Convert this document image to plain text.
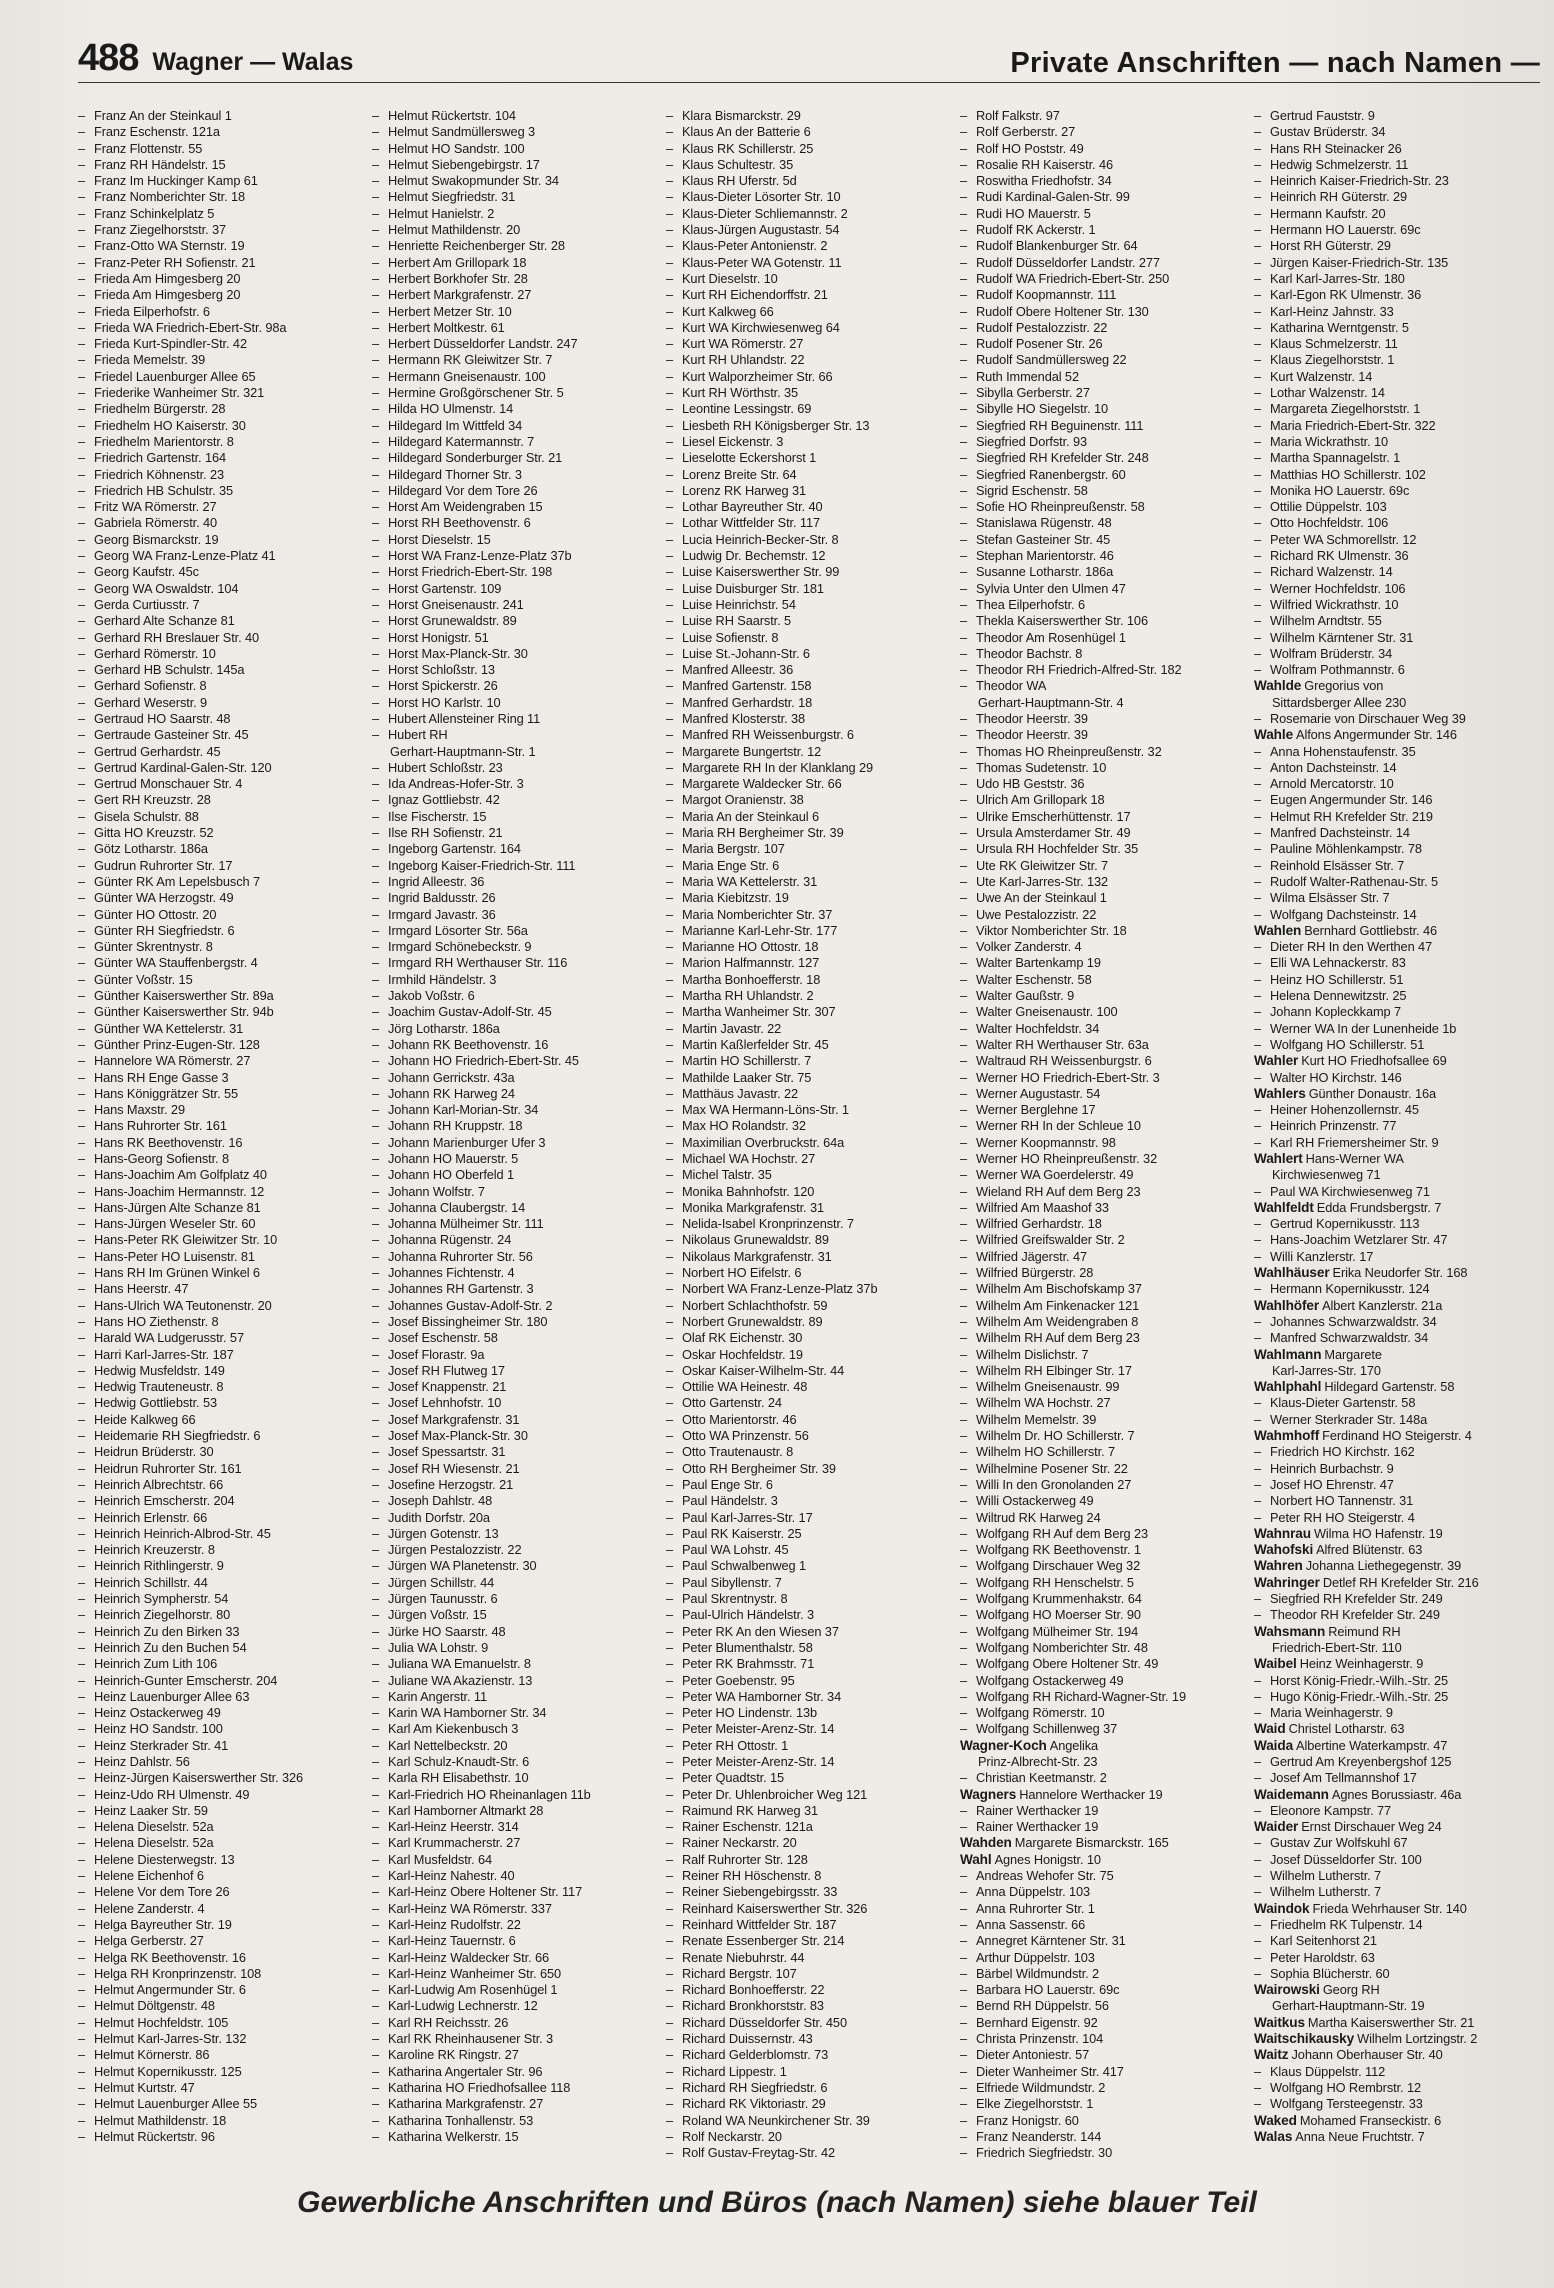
488 Wagner — Walas	Private Anschriften — nach Namen —
– Franz An der Steinkaul 1
– Franz Eschenstr. 121a
– Franz Flottenstr. 55
– Franz RH Händelstr. 15
– Franz Im Huckinger Kamp 61
– Franz Nomberichter Str. 18
– Franz Schinkelplatz 5
– Franz Ziegelhorststr. 37
– Franz-Otto WA Sternstr. 19
– Franz-Peter RH Sofienstr. 21
– Frieda Am Himgesberg 20
– Frieda Am Himgesberg 20
– Frieda Eilperhofstr. 6
– Frieda WA Friedrich-Ebert-Str. 98a
– Frieda Kurt-Spindler-Str. 42
– Frieda Memelstr. 39
– Friedel Lauenburger Allee 65
– Friederike Wanheimer Str. 321
– Friedhelm Bürgerstr. 28
– Friedhelm HO Kaiserstr. 30
– Friedhelm Marientorstr. 8
– Friedrich Gartenstr. 164
– Friedrich Köhnenstr. 23
– Friedrich HB Schulstr. 35
– Fritz WA Römerstr. 27
– Gabriela Römerstr. 40
– Georg Bismarckstr. 19
– Georg WA Franz-Lenze-Platz 41
– Georg Kaufstr. 45c
– Georg WA Oswaldstr. 104
– Gerda Curtiusstr. 7
– Gerhard Alte Schanze 81
– Gerhard RH Breslauer Str. 40
– Gerhard Römerstr. 10
– Gerhard HB Schulstr. 145a
– Gerhard Sofienstr. 8
– Gerhard Weserstr. 9
– Gertraud HO Saarstr. 48
– Gertraude Gasteiner Str. 45
– Gertrud Gerhardstr. 45
– Gertrud Kardinal-Galen-Str. 120
– Gertrud Monschauer Str. 4
– Gert RH Kreuzstr. 28
– Gisela Schulstr. 88
– Gitta HO Kreuzstr. 52
– Götz Lotharstr. 186a
– Gudrun Ruhrorter Str. 17
– Günter RK Am Lepelsbusch 7
– Günter WA Herzogstr. 49
– Günter HO Ottostr. 20
– Günter RH Siegfriedstr. 6
– Günter Skrentnystr. 8
– Günter WA Stauffenbergstr. 4
– Günter Voßstr. 15
– Günther Kaiserswerther Str. 89a
– Günther Kaiserswerther Str. 94b
– Günther WA Kettelerstr. 31
– Günther Prinz-Eugen-Str. 128
– Hannelore WA Römerstr. 27
– Hans RH Enge Gasse 3
– Hans Königgrätzer Str. 55
– Hans Maxstr. 29
– Hans Ruhrorter Str. 161
– Hans RK Beethovenstr. 16
– Hans-Georg Sofienstr. 8
– Hans-Joachim Am Golfplatz 40
– Hans-Joachim Hermannstr. 12
– Hans-Jürgen Alte Schanze 81
– Hans-Jürgen Weseler Str. 60
– Hans-Peter RK Gleiwitzer Str. 10
– Hans-Peter HO Luisenstr. 81
– Hans RH Im Grünen Winkel 6
– Hans Heerstr. 47
– Hans-Ulrich WA Teutonenstr. 20
– Hans HO Ziethenstr. 8
– Harald WA Ludgerusstr. 57
– Harri Karl-Jarres-Str. 187
– Hedwig Musfeldstr. 149
– Hedwig Trauteneustr. 8
– Hedwig Gottliebstr. 53
– Heide Kalkweg 66
– Heidemarie RH Siegfriedstr. 6
– Heidrun Brüderstr. 30
– Heidrun Ruhrorter Str. 161
– Heinrich Albrechtstr. 66
– Heinrich Emscherstr. 204
– Heinrich Erlenstr. 66
– Heinrich Heinrich-Albrod-Str. 45
– Heinrich Kreuzerstr. 8
– Heinrich Rithlingerstr. 9
– Heinrich Schillstr. 44
– Heinrich Sympherstr. 54
– Heinrich Ziegelhorstr. 80
– Heinrich Zu den Birken 33
– Heinrich Zu den Buchen 54
– Heinrich Zum Lith 106
– Heinrich-Gunter Emscherstr. 204
– Heinz Lauenburger Allee 63
– Heinz Ostackerweg 49
– Heinz HO Sandstr. 100
– Heinz Sterkrader Str. 41
– Heinz Dahlstr. 56
– Heinz-Jürgen Kaiserswerther Str. 326
– Heinz-Udo RH Ulmenstr. 49
– Heinz Laaker Str. 59
– Helena Dieselstr. 52a
– Helena Dieselstr. 52a
– Helene Diesterwegstr. 13
– Helene Eichenhof 6
– Helene Vor dem Tore 26
– Helene Zanderstr. 4
– Helga Bayreuther Str. 19
– Helga Gerberstr. 27
– Helga RK Beethovenstr. 16
– Helga RH Kronprinzenstr. 108
– Helmut Angermunder Str. 6
– Helmut Döltgenstr. 48
– Helmut Hochfeldstr. 105
– Helmut Karl-Jarres-Str. 132
– Helmut Körnerstr. 86
– Helmut Kopernikusstr. 125
– Helmut Kurtstr. 47
– Helmut Lauenburger Allee 55
– Helmut Mathildenstr. 18
– Helmut Rückertstr. 96
– Helmut Rückertstr. 104
– Helmut Sandmüllersweg 3
– Helmut HO Sandstr. 100
– Helmut Siebengebirgstr. 17
– Helmut Swakopmunder Str. 34
– Helmut Siegfriedstr. 31
– Helmut Hanielstr. 2
– Helmut Mathildenstr. 20
– Henriette Reichenberger Str. 28
– Herbert Am Grillopark 18
– Herbert Borkhofer Str. 28
– Herbert Markgrafenstr. 27
– Herbert Metzer Str. 10
– Herbert Moltkestr. 61
– Herbert Düsseldorfer Landstr. 247
– Hermann RK Gleiwitzer Str. 7
– Hermann Gneisenaustr. 100
– Hermine Großgörschener Str. 5
– Hilda HO Ulmenstr. 14
– Hildegard Im Wittfeld 34
– Hildegard Katermannstr. 7
– Hildegard Sonderburger Str. 21
– Hildegard Thorner Str. 3
– Hildegard Vor dem Tore 26
– Horst Am Weidengraben 15
– Horst RH Beethovenstr. 6
– Horst Dieselstr. 15
– Horst WA Franz-Lenze-Platz 37b
– Horst Friedrich-Ebert-Str. 198
– Horst Gartenstr. 109
– Horst Gneisenaustr. 241
– Horst Grunewaldstr. 89
– Horst Honigstr. 51
– Horst Max-Planck-Str. 30
– Horst Schloßstr. 13
– Horst Spickerstr. 26
– Horst HO Karlstr. 10
– Hubert Allensteiner Ring 11
– Hubert RH
Gerhart-Hauptmann-Str. 1
– Hubert Schloßstr. 23
– Ida Andreas-Hofer-Str. 3
– Ignaz Gottliebstr. 42
– Ilse Fischerstr. 15
– Ilse RH Sofienstr. 21
– Ingeborg Gartenstr. 164
– Ingeborg Kaiser-Friedrich-Str. 111
– Ingrid Alleestr. 36
– Ingrid Baldusstr. 26
– Irmgard Javastr. 36
– Irmgard Lösorter Str. 56a
– Irmgard Schönebeckstr. 9
– Irmgard RH Werthauser Str. 116
– Irmhild Händelstr. 3
– Jakob Voßstr. 6
– Joachim Gustav-Adolf-Str. 45
– Jörg Lotharstr. 186a
– Johann RK Beethovenstr. 16
– Johann HO Friedrich-Ebert-Str. 45
– Johann Gerrickstr. 43a
– Johann RK Harweg 24
– Johann Karl-Morian-Str. 34
– Johann RH Kruppstr. 18
– Johann Marienburger Ufer 3
– Johann HO Mauerstr. 5
– Johann HO Oberfeld 1
– Johann Wolfstr. 7
– Johanna Claubergstr. 14
– Johanna Mülheimer Str. 111
– Johanna Rügenstr. 24
– Johanna Ruhrorter Str. 56
– Johannes Fichtenstr. 4
– Johannes RH Gartenstr. 3
– Johannes Gustav-Adolf-Str. 2
– Josef Bissingheimer Str. 180
– Josef Eschenstr. 58
– Josef Florastr. 9a
– Josef RH Flutweg 17
– Josef Knappenstr. 21
– Josef Lehnhofstr. 10
– Josef Markgrafenstr. 31
– Josef Max-Planck-Str. 30
– Josef Spessartstr. 31
– Josef RH Wiesenstr. 21
– Josefine Herzogstr. 21
– Joseph Dahlstr. 48
– Judith Dorfstr. 20a
– Jürgen Gotenstr. 13
– Jürgen Pestalozzistr. 22
– Jürgen WA Planetenstr. 30
– Jürgen Schillstr. 44
– Jürgen Taunusstr. 6
– Jürgen Voßstr. 15
– Jürke HO Saarstr. 48
– Julia WA Lohstr. 9
– Juliana WA Emanuelstr. 8
– Juliane WA Akazienstr. 13
– Karin Angerstr. 11
– Karin WA Hamborner Str. 34
– Karl Am Kiekenbusch 3
– Karl Nettelbeckstr. 20
– Karl Schulz-Knaudt-Str. 6
– Karla RH Elisabethstr. 10
– Karl-Friedrich HO Rheinanlagen 11b
– Karl Hamborner Altmarkt 28
– Karl-Heinz Heerstr. 314
– Karl Krummacherstr. 27
– Karl Musfeldstr. 64
– Karl-Heinz Nahestr. 40
– Karl-Heinz Obere Holtener Str. 117
– Karl-Heinz WA Römerstr. 337
– Karl-Heinz Rudolfstr. 22
– Karl-Heinz Tauernstr. 6
– Karl-Heinz Waldecker Str. 66
– Karl-Heinz Wanheimer Str. 650
– Karl-Ludwig Am Rosenhügel 1
– Karl-Ludwig Lechnerstr. 12
– Karl RH Reichsstr. 26
– Karl RK Rheinhausener Str. 3
– Karoline RK Ringstr. 27
– Katharina Angertaler Str. 96
– Katharina HO Friedhofsallee 118
– Katharina Markgrafenstr. 27
– Katharina Tonhallenstr. 53
– Katharina Welkerstr. 15
– Klara Bismarckstr. 29
– Klaus An der Batterie 6
– Klaus RK Schillerstr. 25
– Klaus Schultestr. 35
– Klaus RH Uferstr. 5d
– Klaus-Dieter Lösorter Str. 10
– Klaus-Dieter Schliemannstr. 2
– Klaus-Jürgen Augustastr. 54
– Klaus-Peter Antonienstr. 2
– Klaus-Peter WA Gotenstr. 11
– Kurt Dieselstr. 10
– Kurt RH Eichendorffstr. 21
– Kurt Kalkweg 66
– Kurt WA Kirchwiesenweg 64
– Kurt WA Römerstr. 27
– Kurt RH Uhlandstr. 22
– Kurt Walporzheimer Str. 66
– Kurt RH Wörthstr. 35
– Leontine Lessingstr. 69
– Liesbeth RH Königsberger Str. 13
– Liesel Eickenstr. 3
– Lieselotte Eckershorst 1
– Lorenz Breite Str. 64
– Lorenz RK Harweg 31
– Lothar Bayreuther Str. 40
– Lothar Wittfelder Str. 117
– Lucia Heinrich-Becker-Str. 8
– Ludwig Dr. Bechemstr. 12
– Luise Kaiserswerther Str. 99
– Luise Duisburger Str. 181
– Luise Heinrichstr. 54
– Luise RH Saarstr. 5
– Luise Sofienstr. 8
– Luise St.-Johann-Str. 6
– Manfred Alleestr. 36
– Manfred Gartenstr. 158
– Manfred Gerhardstr. 18
– Manfred Klosterstr. 38
– Manfred RH Weissenburgstr. 6
– Margarete Bungertstr. 12
– Margarete RH In der Klanklang 29
– Margarete Waldecker Str. 66
– Margot Oranienstr. 38
– Maria An der Steinkaul 6
– Maria RH Bergheimer Str. 39
– Maria Bergstr. 107
– Maria Enge Str. 6
– Maria WA Kettelerstr. 31
– Maria Kiebitzstr. 19
– Maria Nomberichter Str. 37
– Marianne Karl-Lehr-Str. 177
– Marianne HO Ottostr. 18
– Marion Halfmannstr. 127
– Martha Bonhoefferstr. 18
– Martha RH Uhlandstr. 2
– Martha Wanheimer Str. 307
– Martin Javastr. 22
– Martin Kaßlerfelder Str. 45
– Martin HO Schillerstr. 7
– Mathilde Laaker Str. 75
– Matthäus Javastr. 22
– Max WA Hermann-Löns-Str. 1
– Max HO Rolandstr. 32
– Maximilian Overbruckstr. 64a
– Michael WA Hochstr. 27
– Michel Talstr. 35
– Monika Bahnhofstr. 120
– Monika Markgrafenstr. 31
– Nelida-Isabel Kronprinzenstr. 7
– Nikolaus Grunewaldstr. 89
– Nikolaus Markgrafenstr. 31
– Norbert HO Eifelstr. 6
– Norbert WA Franz-Lenze-Platz 37b
– Norbert Schlachthofstr. 59
– Norbert Grunewaldstr. 89
– Olaf RK Eichenstr. 30
– Oskar Hochfeldstr. 19
– Oskar Kaiser-Wilhelm-Str. 44
– Ottilie WA Heinestr. 48
– Otto Gartenstr. 24
– Otto Marientorstr. 46
– Otto WA Prinzenstr. 56
– Otto Trautenaustr. 8
– Otto RH Bergheimer Str. 39
– Paul Enge Str. 6
– Paul Händelstr. 3
– Paul Karl-Jarres-Str. 17
– Paul RK Kaiserstr. 25
– Paul WA Lohstr. 45
– Paul Schwalbenweg 1
– Paul Sibyllenstr. 7
– Paul Skrentnystr. 8
– Paul-Ulrich Händelstr. 3
– Peter RK An den Wiesen 37
– Peter Blumenthalstr. 58
– Peter RK Brahmsstr. 71
– Peter Goebenstr. 95
– Peter WA Hamborner Str. 34
– Peter HO Lindenstr. 13b
– Peter Meister-Arenz-Str. 14
– Peter RH Ottostr. 1
– Peter Meister-Arenz-Str. 14
– Peter Quadtstr. 15
– Peter Dr. Uhlenbroicher Weg 121
– Raimund RK Harweg 31
– Rainer Eschenstr. 121a
– Rainer Neckarstr. 20
– Ralf Ruhrorter Str. 128
– Reiner RH Höschenstr. 8
– Reiner Siebengebirgsstr. 33
– Reinhard Kaiserswerther Str. 326
– Reinhard Wittfelder Str. 187
– Renate Essenberger Str. 214
– Renate Niebuhrstr. 44
– Richard Bergstr. 107
– Richard Bonhoefferstr. 22
– Richard Bronkhorststr. 83
– Richard Düsseldorfer Str. 450
– Richard Duissernstr. 43
– Richard Gelderblomstr. 73
– Richard Lippestr. 1
– Richard RH Siegfriedstr. 6
– Richard RK Viktoriastr. 29
– Roland WA Neunkirchener Str. 39
– Rolf Neckarstr. 20
– Rolf Gustav-Freytag-Str. 42
– Rolf Falkstr. 97
– Rolf Gerberstr. 27
– Rolf HO Poststr. 49
– Rosalie RH Kaiserstr. 46
– Roswitha Friedhofstr. 34
– Rudi Kardinal-Galen-Str. 99
– Rudi HO Mauerstr. 5
– Rudolf RK Ackerstr. 1
– Rudolf Blankenburger Str. 64
– Rudolf Düsseldorfer Landstr. 277
– Rudolf WA Friedrich-Ebert-Str. 250
– Rudolf Koopmannstr. 111
– Rudolf Obere Holtener Str. 130
– Rudolf Pestalozzistr. 22
– Rudolf Posener Str. 26
– Rudolf Sandmüllersweg 22
– Ruth Immendal 52
– Sibylla Gerberstr. 27
– Sibylle HO Siegelstr. 10
– Siegfried RH Beguinenstr. 111
– Siegfried Dorfstr. 93
– Siegfried RH Krefelder Str. 248
– Siegfried Ranenbergstr. 60
– Sigrid Eschenstr. 58
– Sofie HO Rheinpreußenstr. 58
– Stanislawa Rügenstr. 48
– Stefan Gasteiner Str. 45
– Stephan Marientorstr. 46
– Susanne Lotharstr. 186a
– Sylvia Unter den Ulmen 47
– Thea Eilperhofstr. 6
– Thekla Kaiserswerther Str. 106
– Theodor Am Rosenhügel 1
– Theodor Bachstr. 8
– Theodor RH Friedrich-Alfred-Str. 182
– Theodor WA
Gerhart-Hauptmann-Str. 4
– Theodor Heerstr. 39
– Theodor Heerstr. 39
– Thomas HO Rheinpreußenstr. 32
– Thomas Sudetenstr. 10
– Udo HB Geststr. 36
– Ulrich Am Grillopark 18
– Ulrike Emscherhüttenstr. 17
– Ursula Amsterdamer Str. 49
– Ursula RH Hochfelder Str. 35
– Ute RK Gleiwitzer Str. 7
– Ute Karl-Jarres-Str. 132
– Uwe An der Steinkaul 1
– Uwe Pestalozzistr. 22
– Viktor Nomberichter Str. 18
– Volker Zanderstr. 4
– Walter Bartenkamp 19
– Walter Eschenstr. 58
– Walter Gaußstr. 9
– Walter Gneisenaustr. 100
– Walter Hochfeldstr. 34
– Walter RH Werthauser Str. 63a
– Waltraud RH Weissenburgstr. 6
– Werner HO Friedrich-Ebert-Str. 3
– Werner Augustastr. 54
– Werner Berglehne 17
– Werner RH In der Schleue 10
– Werner Koopmannstr. 98
– Werner HO Rheinpreußenstr. 32
– Werner WA Goerdelerstr. 49
– Wieland RH Auf dem Berg 23
– Wilfried Am Maashof 33
– Wilfried Gerhardstr. 18
– Wilfried Greifswalder Str. 2
– Wilfried Jägerstr. 47
– Wilfried Bürgerstr. 28
– Wilhelm Am Bischofskamp 37
– Wilhelm Am Finkenacker 121
– Wilhelm Am Weidengraben 8
– Wilhelm RH Auf dem Berg 23
– Wilhelm Dislichstr. 7
– Wilhelm RH Elbinger Str. 17
– Wilhelm Gneisenaustr. 99
– Wilhelm WA Hochstr. 27
– Wilhelm Memelstr. 39
– Wilhelm Dr. HO Schillerstr. 7
– Wilhelm HO Schillerstr. 7
– Wilhelmine Posener Str. 22
– Willi In den Gronolanden 27
– Willi Ostackerweg 49
– Wiltrud RK Harweg 24
– Wolfgang RH Auf dem Berg 23
– Wolfgang RK Beethovenstr. 1
– Wolfgang Dirschauer Weg 32
– Wolfgang RH Henschelstr. 5
– Wolfgang Krummenhakstr. 64
– Wolfgang HO Moerser Str. 90
– Wolfgang Mülheimer Str. 194
– Wolfgang Nomberichter Str. 48
– Wolfgang Obere Holtener Str. 49
– Wolfgang Ostackerweg 49
– Wolfgang RH Richard-Wagner-Str. 19
– Wolfgang Römerstr. 10
– Wolfgang Schillenweg 37
Wagner-Koch Angelika
Prinz-Albrecht-Str. 23
– Christian Keetmanstr. 2
Wagners Hannelore Werthacker 19
– Rainer Werthacker 19
– Rainer Werthacker 19
Wahden Margarete Bismarckstr. 165
Wahl Agnes Honigstr. 10
– Andreas Wehofer Str. 75
– Anna Düppelstr. 103
– Anna Ruhrorter Str. 1
– Anna Sassenstr. 66
– Annegret Kärntener Str. 31
– Arthur Düppelstr. 103
– Bärbel Wildmundstr. 2
– Barbara HO Lauerstr. 69c
– Bernd RH Düppelstr. 56
– Bernhard Eigenstr. 92
– Christa Prinzenstr. 104
– Dieter Antoniestr. 57
– Dieter Wanheimer Str. 417
– Elfriede Wildmundstr. 2
– Elke Ziegelhorststr. 1
– Franz Honigstr. 60
– Franz Neanderstr. 144
– Friedrich Siegfriedstr. 30
– Gertrud Fauststr. 9
– Gustav Brüderstr. 34
– Hans RH Steinacker 26
– Hedwig Schmelzerstr. 11
– Heinrich Kaiser-Friedrich-Str. 23
– Heinrich RH Güterstr. 29
– Hermann Kaufstr. 20
– Hermann HO Lauerstr. 69c
– Horst RH Güterstr. 29
– Jürgen Kaiser-Friedrich-Str. 135
– Karl Karl-Jarres-Str. 180
– Karl-Egon RK Ulmenstr. 36
– Karl-Heinz Jahnstr. 33
– Katharina Werntgenstr. 5
– Klaus Schmelzerstr. 11
– Klaus Ziegelhorststr. 1
– Kurt Walzenstr. 14
– Lothar Walzenstr. 14
– Margareta Ziegelhorststr. 1
– Maria Friedrich-Ebert-Str. 322
– Maria Wickrathstr. 10
– Martha Spannagelstr. 1
– Matthias HO Schillerstr. 102
– Monika HO Lauerstr. 69c
– Ottilie Düppelstr. 103
– Otto Hochfeldstr. 106
– Peter WA Schmorellstr. 12
– Richard RK Ulmenstr. 36
– Richard Walzenstr. 14
– Werner Hochfeldstr. 106
– Wilfried Wickrathstr. 10
– Wilhelm Arndtstr. 55
– Wilhelm Kärntener Str. 31
– Wolfram Brüderstr. 34
– Wolfram Pothmannstr. 6
Wahlde Gregorius von
Sittardsberger Allee 230
– Rosemarie von Dirschauer Weg 39
Wahle Alfons Angermunder Str. 146
– Anna Hohenstaufenstr. 35
– Anton Dachsteinstr. 14
– Arnold Mercatorstr. 10
– Eugen Angermunder Str. 146
– Helmut RH Krefelder Str. 219
– Manfred Dachsteinstr. 14
– Pauline Möhlenkampstr. 78
– Reinhold Elsässer Str. 7
– Rudolf Walter-Rathenau-Str. 5
– Wilma Elsässer Str. 7
– Wolfgang Dachsteinstr. 14
Wahlen Bernhard Gottliebstr. 46
– Dieter RH In den Werthen 47
– Elli WA Lehnackerstr. 83
– Heinz HO Schillerstr. 51
– Helena Dennewitzstr. 25
– Johann Kopleckkamp 7
– Werner WA In der Lunenheide 1b
– Wolfgang HO Schillerstr. 51
Wahler Kurt HO Friedhofsallee 69
– Walter HO Kirchstr. 146
Wahlers Günther Donaustr. 16a
– Heiner Hohenzollernstr. 45
– Heinrich Prinzenstr. 77
– Karl RH Friemersheimer Str. 9
Wahlert Hans-Werner WA
Kirchwiesenweg 71
– Paul WA Kirchwiesenweg 71
Wahlfeldt Edda Frundsbergstr. 7
– Gertrud Kopernikusstr. 113
– Hans-Joachim Wetzlarer Str. 47
– Willi Kanzlerstr. 17
Wahlhäuser Erika Neudorfer Str. 168
– Hermann Kopernikusstr. 124
Wahlhöfer Albert Kanzlerstr. 21a
– Johannes Schwarzwaldstr. 34
– Manfred Schwarzwaldstr. 34
Wahlmann Margarete
Karl-Jarres-Str. 170
Wahlphahl Hildegard Gartenstr. 58
– Klaus-Dieter Gartenstr. 58
– Werner Sterkrader Str. 148a
Wahmhoff Ferdinand HO Steigerstr. 4
– Friedrich HO Kirchstr. 162
– Heinrich Burbachstr. 9
– Josef HO Ehrenstr. 47
– Norbert HO Tannenstr. 31
– Peter RH HO Steigerstr. 4
Wahnrau Wilma HO Hafenstr. 19
Wahofski Alfred Blütenstr. 63
Wahren Johanna Liethegegenstr. 39
Wahringer Detlef RH Krefelder Str. 216
– Siegfried RH Krefelder Str. 249
– Theodor RH Krefelder Str. 249
Wahsmann Reimund RH
Friedrich-Ebert-Str. 110
Waibel Heinz Weinhagerstr. 9
– Horst König-Friedr.-Wilh.-Str. 25
– Hugo König-Friedr.-Wilh.-Str. 25
– Maria Weinhagerstr. 9
Waid Christel Lotharstr. 63
Waida Albertine Waterkampstr. 47
– Gertrud Am Kreyenbergshof 125
– Josef Am Tellmannshof 17
Waidemann Agnes Borussiastr. 46a
– Eleonore Kampstr. 77
Waider Ernst Dirschauer Weg 24
– Gustav Zur Wolfskuhl 67
– Josef Düsseldorfer Str. 100
– Wilhelm Lutherstr. 7
– Wilhelm Lutherstr. 7
Waindok Frieda Wehrhauser Str. 140
– Friedhelm RK Tulpenstr. 14
– Karl Seitenhorst 21
– Peter Haroldstr. 63
– Sophia Blücherstr. 60
Wairowski Georg RH
Gerhart-Hauptmann-Str. 19
Waitkus Martha Kaiserswerther Str. 21
Waitschikausky Wilhelm Lortzingstr. 2
Waitz Johann Oberhauser Str. 40
– Klaus Düppelstr. 112
– Wolfgang HO Rembrstr. 12
– Wolfgang Tersteegenstr. 33
Waked Mohamed Franseckistr. 6
Walas Anna Neue Fruchtstr. 7
Gewerbliche Anschriften und Büros (nach Namen) siehe blauer Teil
